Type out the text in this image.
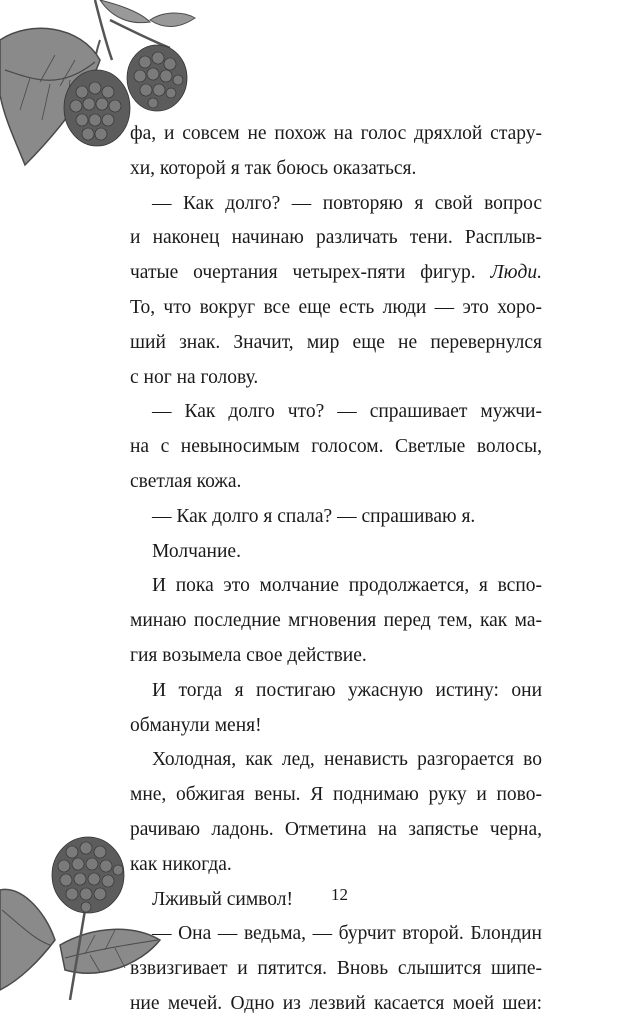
фа, и совсем не похож на голос дряхлой стару-
хи, которой я так боюсь оказаться.
— Как долго? — повторяю я свой вопрос
и наконец начинаю различать тени. Расплыв-
чатые очертания четырех-пяти фигур. Люди.
То, что вокруг все еще есть люди — это хоро-
ший знак. Значит, мир еще не перевернулся
с ног на голову.
— Как долго что? — спрашивает мужчи-
на с невыносимым голосом. Светлые волосы,
светлая кожа.
— Как долго я спала? — спрашиваю я.
Молчание.
И пока это молчание продолжается, я вспо-
минаю последние мгновения перед тем, как ма-
гия возымела свое действие.
И тогда я постигаю ужасную истину: они
обманули меня!
Холодная, как лед, ненависть разгорается во
мне, обжигая вены. Я поднимаю руку и пово-
рачиваю ладонь. Отметина на запястье черна,
как никогда.
Лживый символ!
— Она — ведьма, — бурчит второй. Блондин
взвизгивает и пятится. Вновь слышится шипе-
ние мечей. Одно из лезвий касается моей шеи:
12
